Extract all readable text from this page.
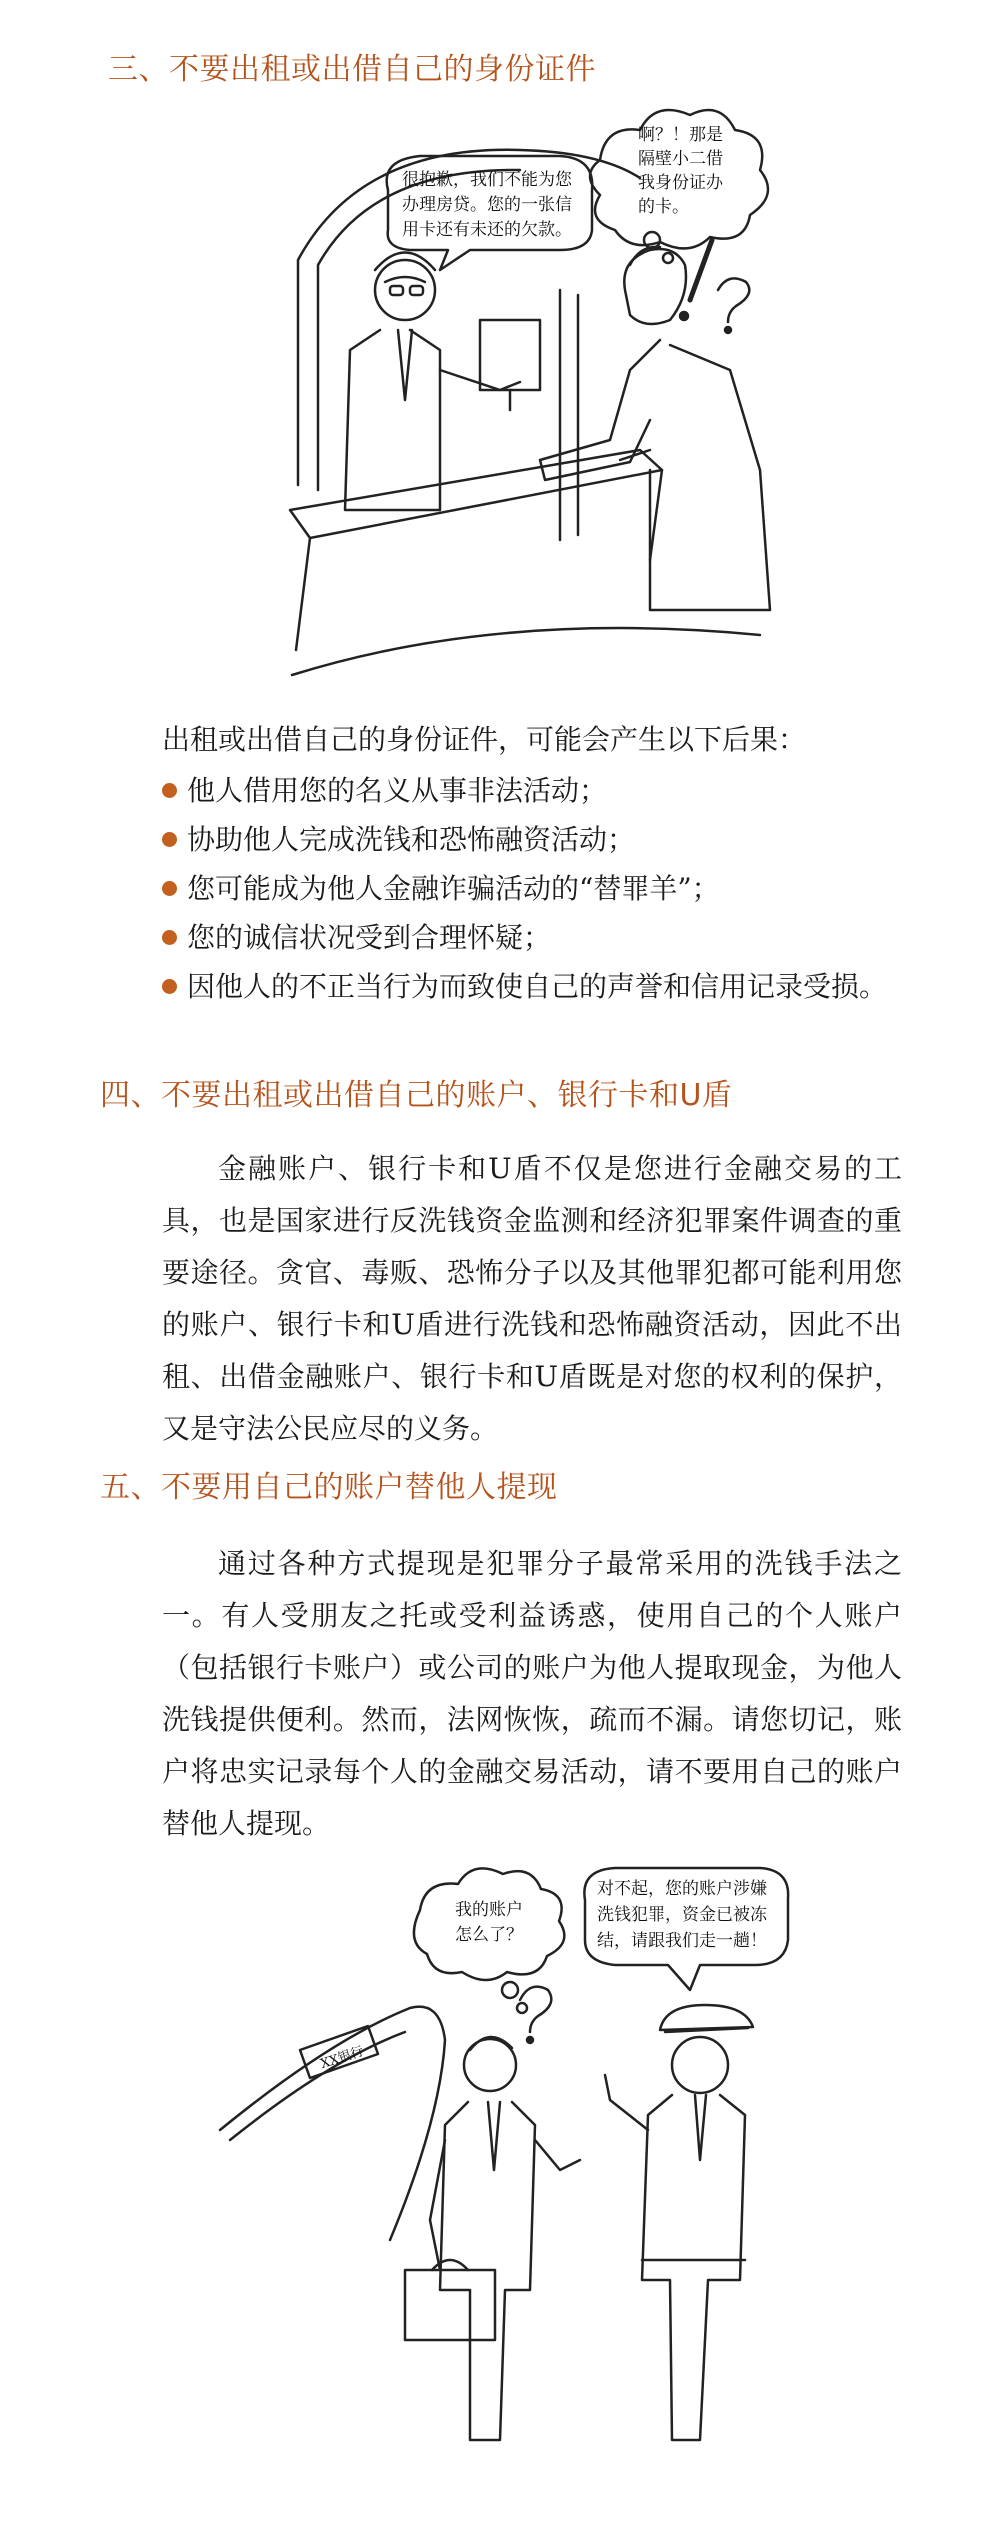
三、不要出租或出借自己的身份证件
很抱歉，我们不能为您
办理房贷。您的一张信
用卡还有未还的欠款。
啊？！那是
隔壁小二借
我身份证办
的卡。

出租或出借自己的身份证件，可能会产生以下后果：

他人借用您的名义从事非法活动；
协助他人完成洗钱和恐怖融资活动；
您可能成为他人金融诈骗活动的“替罪羊”；
您的诚信状况受到合理怀疑；
因他人的不正当行为而致使自己的声誉和信用记录受损。
四、不要出租或出借自己的账户、银行卡和U盾

金融账户、银行卡和U盾不仅是您进行金融交易的工具，也是国家进行反洗钱资金监测和经济犯罪案件调查的重要途径。贪官、毒贩、恐怖分子以及其他罪犯都可能利用您的账户、银行卡和U盾进行洗钱和恐怖融资活动，因此不出租、出借金融账户、银行卡和U盾既是对您的权利的保护，又是守法公民应尽的义务。

五、不要用自己的账户替他人提现

通过各种方式提现是犯罪分子最常采用的洗钱手法之一。有人受朋友之托或受利益诱惑，使用自己的个人账户（包括银行卡账户）或公司的账户为他人提取现金，为他人洗钱提供便利。然而，法网恢恢，疏而不漏。请您切记，账户将忠实记录每个人的金融交易活动，请不要用自己的账户替他人提现。

XX银行
我的账户
怎么了？
对不起，您的账户涉嫌
洗钱犯罪，资金已被冻
结，请跟我们走一趟！
